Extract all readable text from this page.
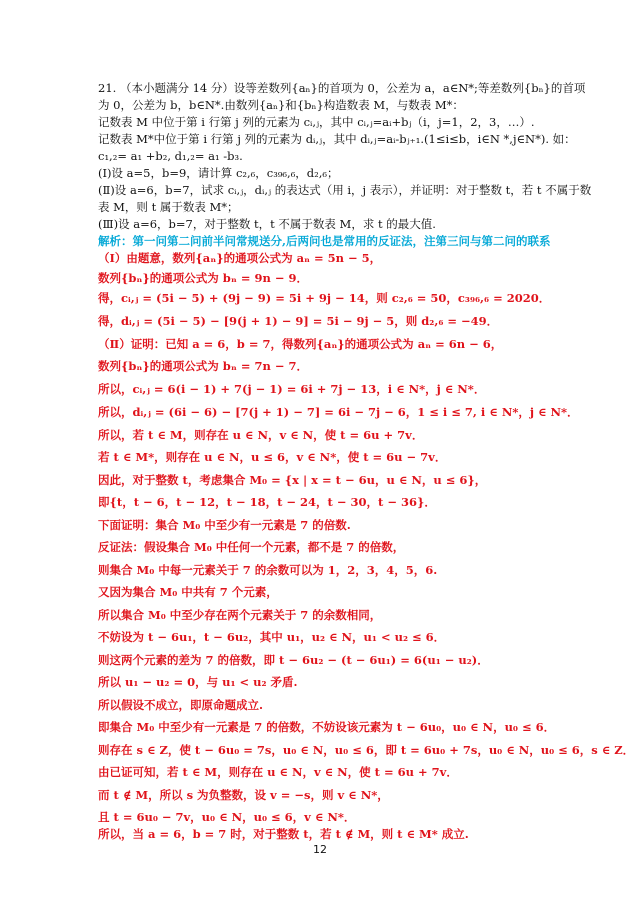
21. （本小题满分 14 分）设等差数列{aₙ}的首项为 0，公差为 a，a∈N*;等差数列{bₙ}的首项
为 0，公差为 b，b∈N*.由数列{aₙ}和{bₙ}构造数表 M，与数表 M*：
记数表 M 中位于第 i 行第 j 列的元素为 cᵢ,ⱼ，其中 cᵢ,ⱼ=aᵢ+bⱼ（i，j=1，2，3，…）.
记数表 M*中位于第 i 行第 j 列的元素为 dᵢ,ⱼ，其中 dᵢ,ⱼ=aᵢ-bⱼ₊₁.(1≤i≤b，i∈N *,j∈N*). 如：
c₁,₂= a₁ +b₂, d₁,₂= a₁ -b₃.
(Ⅰ)设 a=5，b=9，请计算 c₂,₆，c₃₉₆,₆，d₂,₆；
(Ⅱ)设 a=6，b=7，试求 cᵢ,ⱼ，dᵢ,ⱼ 的表达式（用 i，j 表示），并证明：对于整数 t，若 t 不属于数
表 M，则 t 属于数表 M*；
(Ⅲ)设 a=6，b=7，对于整数 t，t 不属于数表 M，求 t 的最大值.
解析：第一问第二问前半问常规送分,后两问也是常用的反证法，注第三问与第二问的联系
（Ⅰ）由题意，数列{aₙ}的通项公式为 aₙ = 5n − 5，
数列{bₙ}的通项公式为 bₙ = 9n − 9．
得，cᵢ,ⱼ = (5i − 5) + (9j − 9) = 5i + 9j − 14，则 c₂,₆ = 50，c₃₉₆,₆ = 2020．
得，dᵢ,ⱼ = (5i − 5) − [9(j + 1) − 9] = 5i − 9j − 5，则 d₂,₆ = −49．
（Ⅱ）证明：已知 a = 6，b = 7，得数列{aₙ}的通项公式为 aₙ = 6n − 6，
数列{bₙ}的通项公式为 bₙ = 7n − 7．
所以，cᵢ,ⱼ = 6(i − 1) + 7(j − 1) = 6i + 7j − 13，i ∈ N*，j ∈ N*．
所以，dᵢ,ⱼ = (6i − 6) − [7(j + 1) − 7] = 6i − 7j − 6，1 ≤ i ≤ 7, i ∈ N*，j ∈ N*．
所以，若 t ∈ M，则存在 u ∈ N，v ∈ N，使 t = 6u + 7v．
若 t ∈ M*，则存在 u ∈ N，u ≤ 6，v ∈ N*，使 t = 6u − 7v．
因此，对于整数 t，考虑集合 M₀ = {x | x = t − 6u，u ∈ N，u ≤ 6}，
即{t，t − 6，t − 12，t − 18，t − 24，t − 30，t − 36}．
下面证明：集合 M₀ 中至少有一元素是 7 的倍数.
反证法：假设集合 M₀ 中任何一个元素，都不是 7 的倍数，
则集合 M₀ 中每一元素关于 7 的余数可以为 1，2，3，4，5，6.
又因为集合 M₀ 中共有 7 个元素，
所以集合 M₀ 中至少存在两个元素关于 7 的余数相同，
不妨设为 t − 6u₁，t − 6u₂，其中 u₁，u₂ ∈ N，u₁ < u₂ ≤ 6．
则这两个元素的差为 7 的倍数，即 t − 6u₂ − (t − 6u₁) = 6(u₁ − u₂)．
所以 u₁ − u₂ = 0，与 u₁ < u₂ 矛盾.
所以假设不成立，即原命题成立.
即集合 M₀ 中至少有一元素是 7 的倍数，不妨设该元素为 t − 6u₀，u₀ ∈ N，u₀ ≤ 6．
则存在 s ∈ Z，使 t − 6u₀ = 7s，u₀ ∈ N，u₀ ≤ 6，即 t = 6u₀ + 7s，u₀ ∈ N，u₀ ≤ 6，s ∈ Z．
由已证可知，若 t ∈ M，则存在 u ∈ N，v ∈ N，使 t = 6u + 7v．
而 t ∉ M，所以 s 为负整数，设 v = −s，则 v ∈ N*，
且 t = 6u₀ − 7v，u₀ ∈ N，u₀ ≤ 6，v ∈ N*．
所以，当 a = 6，b = 7 时，对于整数 t，若 t ∉ M，则 t ∈ M* 成立.
12
